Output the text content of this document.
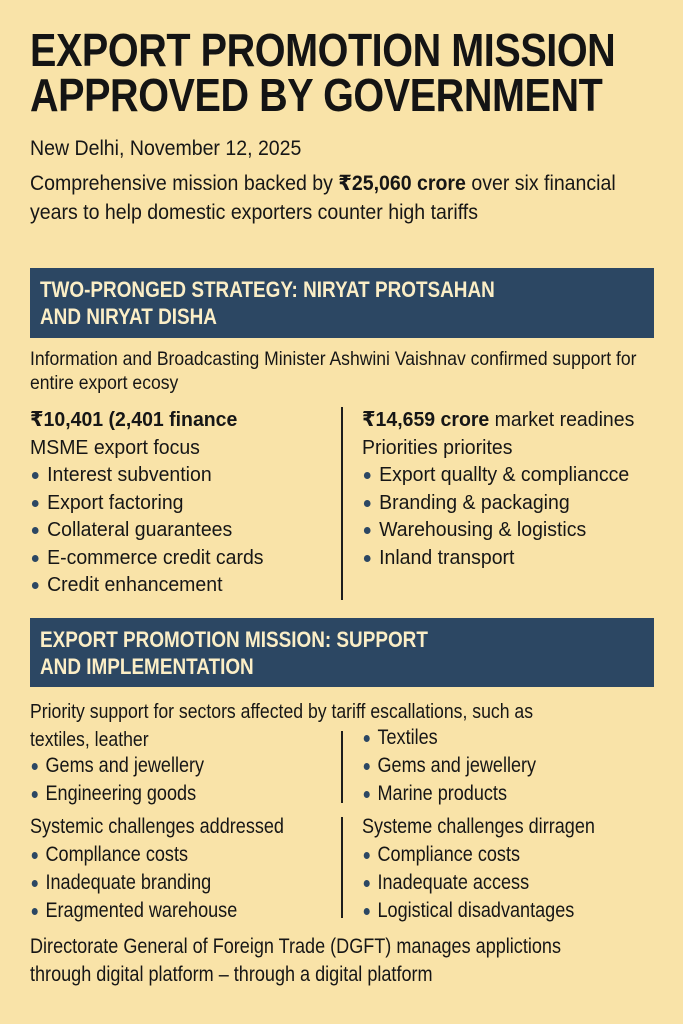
EXPORT PROMOTION MISSION
APPROVED BY GOVERNMENT
New Delhi, November 12, 2025

Comprehensive mission backed by ₹25,060 crore over six financial years to help domestic exporters counter high tariffs

TWO-PRONGED STRATEGY: NIRYAT PROTSAHAN
AND NIRYAT DISHA

Information and Broadcasting Minister Ashwini Vaishnav confirmed support for entire export ecosy

₹10,401 (2,401 finance
MSME export focus
Interest subvention
Export factoring
Collateral guarantees
E-commerce credit cards
Credit enhancement
₹14,659 crore market readines
Priorities priorites
Export quallty & compliancce
Branding & packaging
Warehousing & logistics
Inland transport
EXPORT PROMOTION MISSION: SUPPORT
AND IMPLEMENTATION
Priority support for sectors affected by tariff escallations, such as
textiles, leather
Gems and jewellery
Engineering goods
Textiles
Gems and jewellery
Marine products
Systemic challenges addressed
Compllance costs
Inadequate branding
Eragmented warehouse
Systeme challenges dirragen
Compliance costs
Inadequate access
Logistical disadvantages
Directorate General of Foreign Trade (DGFT) manages applictions
through digital platform – through a digital platform
